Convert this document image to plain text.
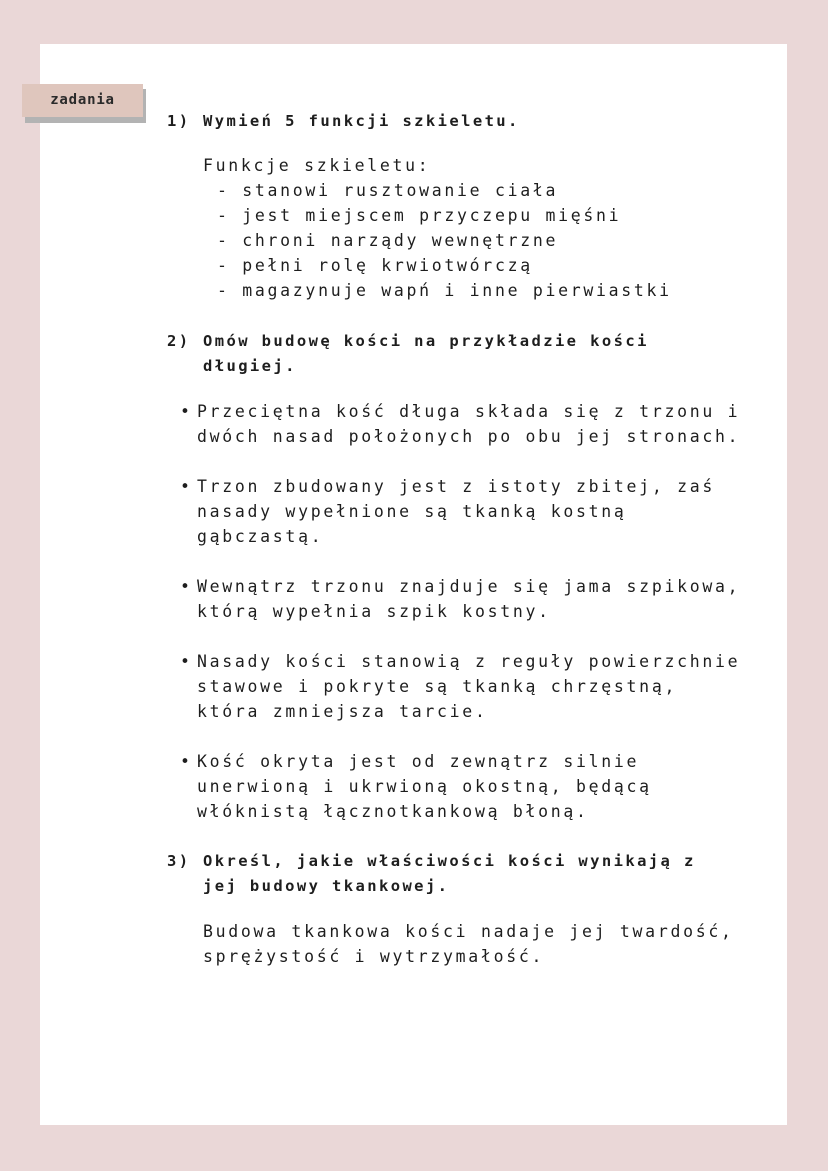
zadania
1) Wymień 5 funkcji szkieletu.
Funkcje szkieletu:
- stanowi rusztowanie ciała
- jest miejscem przyczepu mięśni
- chroni narządy wewnętrzne
- pełni rolę krwiotwórczą
- magazynuje wapń i inne pierwiastki
2) Omów budowę kości na przykładzie kości
długiej.
• Przeciętna kość długa składa się z trzonu i
dwóch nasad położonych po obu jej stronach.
• Trzon zbudowany jest z istoty zbitej, zaś
nasady wypełnione są tkanką kostną
gąbczastą.
• Wewnątrz trzonu znajduje się jama szpikowa,
którą wypełnia szpik kostny.
• Nasady kości stanowią z reguły powierzchnie
stawowe i pokryte są tkanką chrzęstną,
która zmniejsza tarcie.
• Kość okryta jest od zewnątrz silnie
unerwioną i ukrwioną okostną, będącą
włóknistą łącznotkankową błoną.
3) Określ, jakie właściwości kości wynikają z
jej budowy tkankowej.
Budowa tkankowa kości nadaje jej twardość,
sprężystość i wytrzymałość.
